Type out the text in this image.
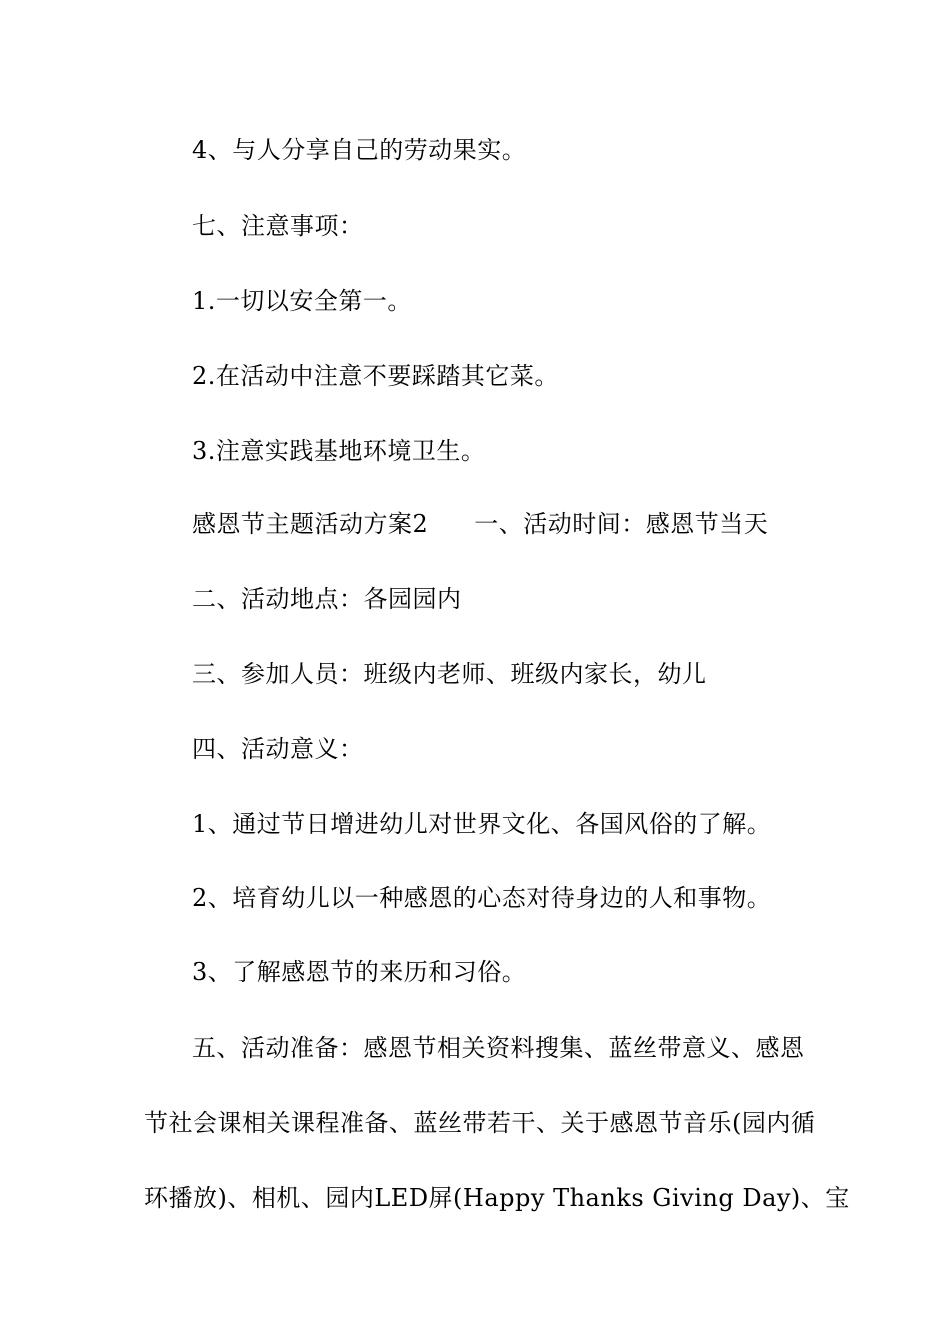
4、与人分享自己的劳动果实。
七、注意事项：
1.一切以安全第一。
2.在活动中注意不要踩踏其它菜。
3.注意实践基地环境卫生。
感恩节主题活动方案2 一、活动时间：感恩节当天
二、活动地点：各园园内
三、参加人员：班级内老师、班级内家长，幼儿
四、活动意义：
1、通过节日增进幼儿对世界文化、各国风俗的了解。
2、培育幼儿以一种感恩的心态对待身边的人和事物。
3、了解感恩节的来历和习俗。
五、活动准备：感恩节相关资料搜集、蓝丝带意义、感恩
节社会课相关课程准备、蓝丝带若干、关于感恩节音乐(园内循
环播放)、相机、园内LED屏(Happy Thanks Giving Day)、宝
